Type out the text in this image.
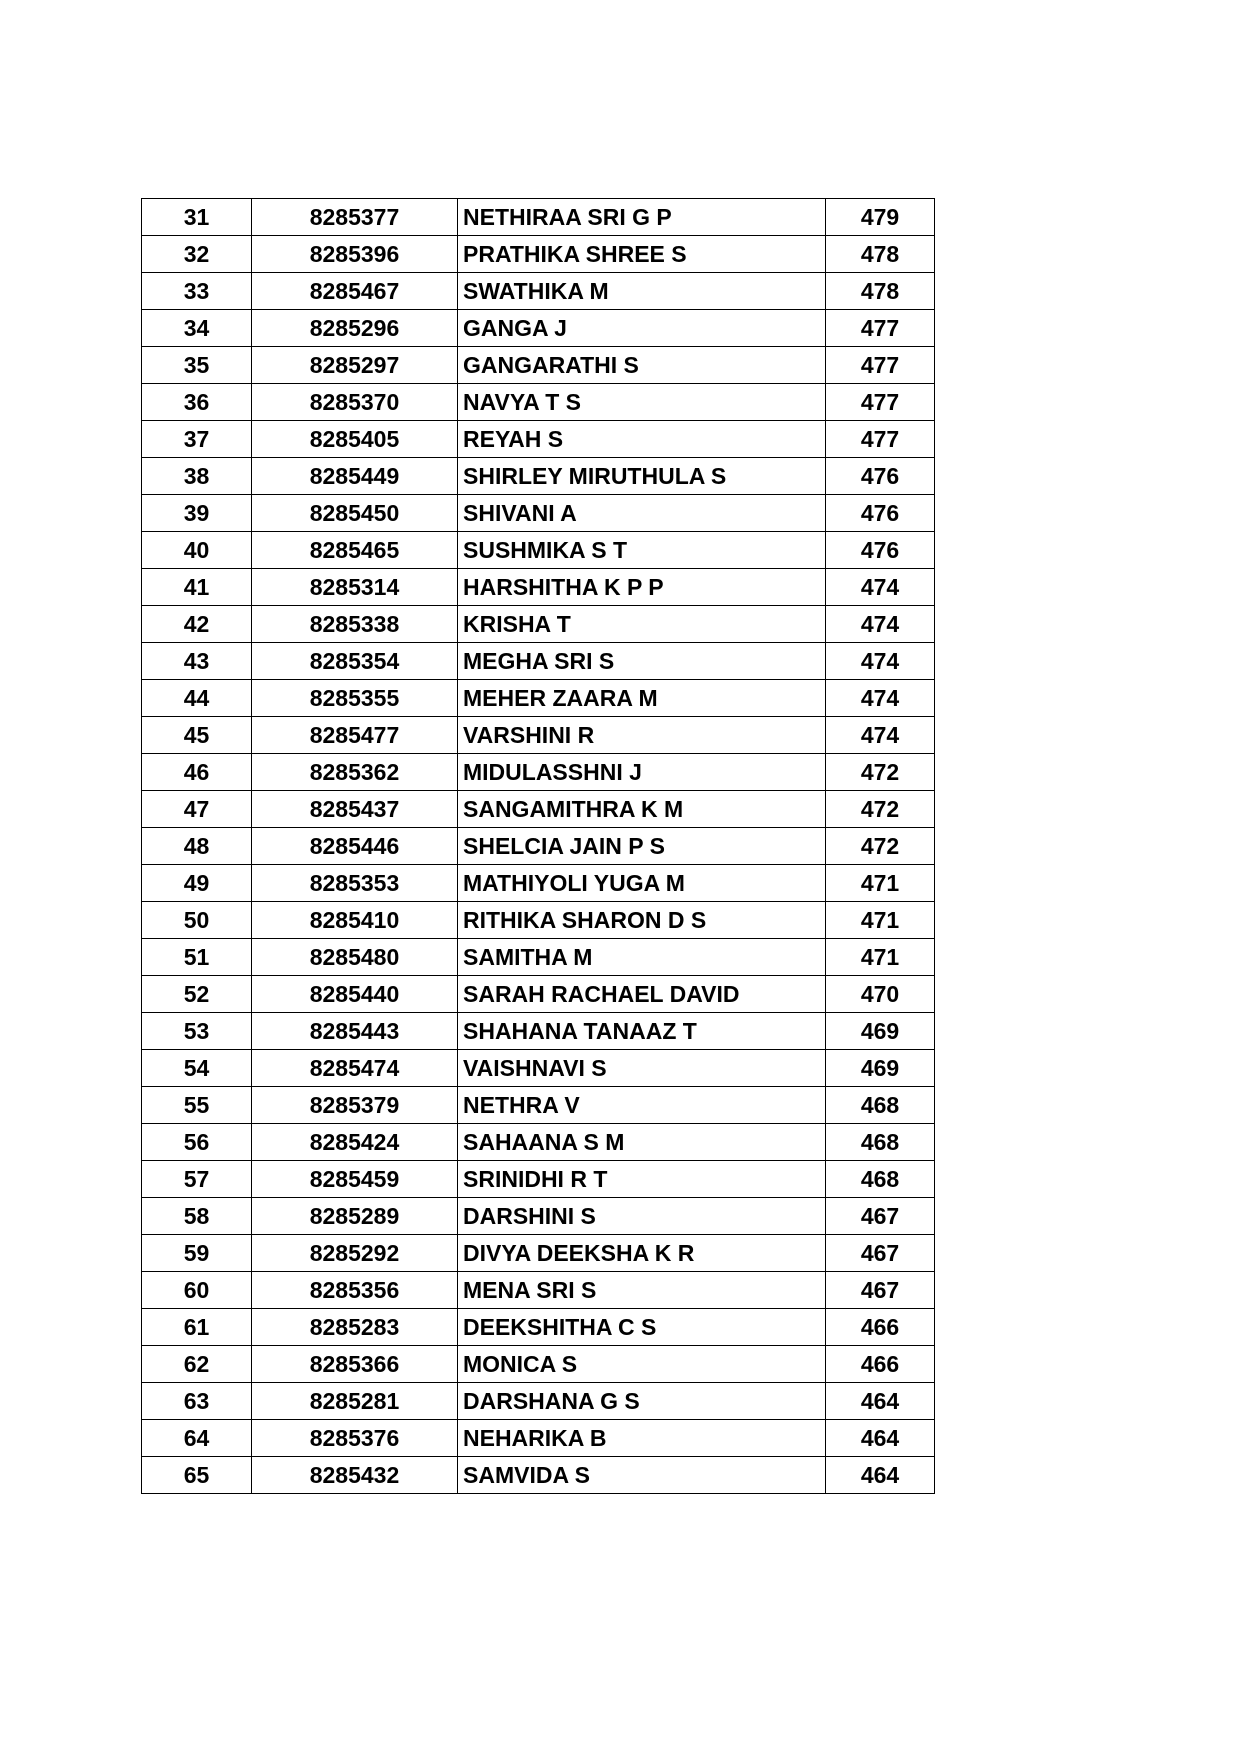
31	8285377	NETHIRAA SRI G P	479
32	8285396	PRATHIKA SHREE S	478
33	8285467	SWATHIKA M	478
34	8285296	GANGA J	477
35	8285297	GANGARATHI S	477
36	8285370	NAVYA T S	477
37	8285405	REYAH S	477
38	8285449	SHIRLEY MIRUTHULA S	476
39	8285450	SHIVANI A	476
40	8285465	SUSHMIKA S T	476
41	8285314	HARSHITHA K P P	474
42	8285338	KRISHA T	474
43	8285354	MEGHA SRI S	474
44	8285355	MEHER ZAARA M	474
45	8285477	VARSHINI R	474
46	8285362	MIDULASSHNI J	472
47	8285437	SANGAMITHRA K M	472
48	8285446	SHELCIA JAIN P S	472
49	8285353	MATHIYOLI YUGA M	471
50	8285410	RITHIKA SHARON D S	471
51	8285480	SAMITHA M	471
52	8285440	SARAH RACHAEL DAVID	470
53	8285443	SHAHANA TANAAZ T	469
54	8285474	VAISHNAVI S	469
55	8285379	NETHRA V	468
56	8285424	SAHAANA S M	468
57	8285459	SRINIDHI R T	468
58	8285289	DARSHINI S	467
59	8285292	DIVYA DEEKSHA K R	467
60	8285356	MENA SRI S	467
61	8285283	DEEKSHITHA C S	466
62	8285366	MONICA S	466
63	8285281	DARSHANA G S	464
64	8285376	NEHARIKA B	464
65	8285432	SAMVIDA S	464
